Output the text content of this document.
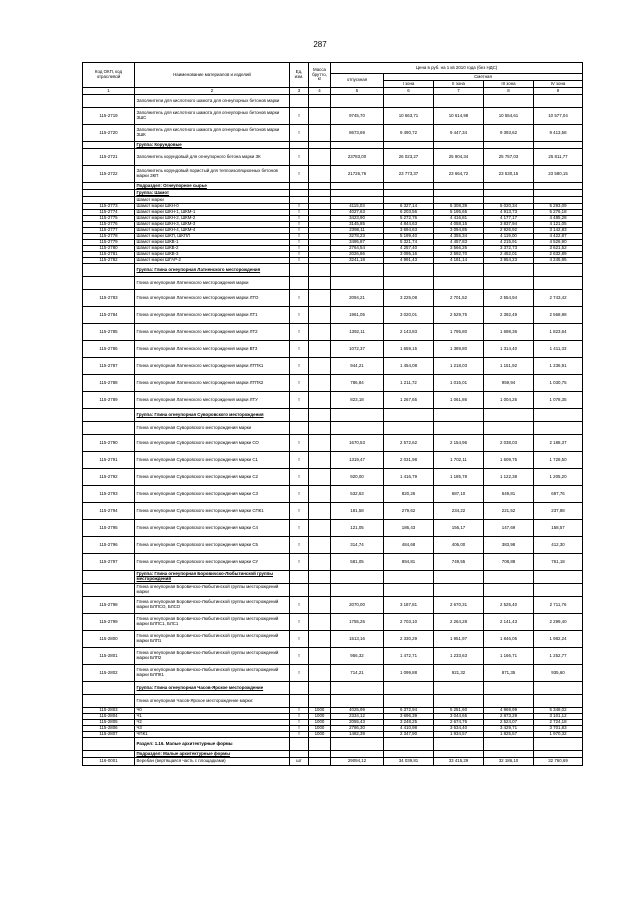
287
Код ОКП, код отраслевой	Наименование материалов и изделий	Ед. изм.	Масса брутто, кг	Цена в руб. на 1 кв 2010 года (без НДС)				
				отпускная	Сметная			
					I зона	II зона	III зона	IV зона
1	2	3	4	5	6	7	8	9
	Заполнители для кислотного шамота для огнеупорных бетонов марки							
115-2719	Заполнитель для кислотного шамота для огнеупорных бетонов марки ЗШС	т		9745,70	10 663,71	10 614,98	10 554,61	10 577,04
115-2720	Заполнитель для кислотного шамота для огнеупорных бетонов марки ЗШК	т		8673,69	9 490,72	9 447,34	9 393,62	9 413,58
	Группа: Корундовые							
115-2721	Заполнитель корундовый для огнеупорного бетона марки ЗК	т		23783,00	26 023,27	25 904,34	25 757,03	25 811,77
115-2722	Заполнитель корундовый пористый для теплоизоляционных бетонов марки ЗКП	т		21726,76	23 773,37	23 664,72	23 530,15	23 580,15
	Подраздел: Огнеупорное сырье							
	Группа: Шамот							
	Шамот марки							
115-2773	Шамот марки ШКН-0	т		4115,03	6 327,14	5 308,39	5 020,34	5 293,09
115-2774	Шамот марки ШКН-1, ШКМ-1	т		4027,63	6 203,56	5 195,65	4 913,73	5 276,18
115-2775	Шамот марки ШКН-2, ШКМ-2	т		3423,90	5 272,76	4 416,81	4 177,17	4 485,28
115-2776	Шамот марки ШКН-3, ШКМ-3	т		3145,85	4 844,63	4 058,15	3 837,94	4 121,05
115-2777	Шамот марки ШКН-4, ШКМ-4	т		2398,11	3 694,63	3 094,85	2 926,92	3 142,83
115-2778	Шамот марки ШКП, ШКПЛ	т		3278,23	5 199,40	4 355,34	4 119,00	4 422,87
115-2779	Шамот марки ШКВ-1	т		3495,87	5 321,74	4 457,83	4 215,91	4 526,90
115-2780	Шамот марки ШКВ-2	т		2764,54	4 257,40	3 566,26	3 372,73	3 621,52
115-2781	Шамот марки ШКВ-3	т		2026,86	3 095,16	2 592,70	2 452,01	2 632,89
115-2782	Шамот марки ШГАР-2	т		3241,18	4 991,43	4 181,14	3 954,23	4 245,95
	Группа: Глина огнеупорная Латненского месторождения							
	Глина огнеупорная Латненского месторождения марки							
115-2783	Глина огнеупорная Латненского месторождения марки ЛТО	т		2094,21	3 225,08	2 701,52	2 554,94	2 743,42
115-2784	Глина огнеупорная Латненского месторождения марки ЛТ1	т		1961,05	3 020,01	2 529,75	2 392,49	2 568,98
115-2785	Глина огнеупорная Латненского месторождения марки ЛТ2	т		1392,11	2 143,83	1 795,80	1 698,36	1 823,64
115-2786	Глина огнеупорная Латненского месторождения марки ВТ3	т		1072,37	1 659,15	1 389,80	1 314,40	1 411,33
115-2787	Глина огнеупорная Латненского месторождения марки ЛТПК1	т		944,21	1 454,08	1 218,03	1 151,92	1 236,91
115-2788	Глина огнеупорная Латненского месторождения марки ЛТПК2	т		786,84	1 211,72	1 015,01	959,94	1 030,75
115-2789	Глина огнеупорная Латненского месторождения марки ЛТУ	т		823,18	1 267,65	1 061,86	1 004,26	1 078,35
	Группа: Глина огнеупорная Суворовского месторождения							
	Глина огнеупорная Суворовского месторождения марки							
115-2790	Глина огнеупорная Суворовского месторождения марки СО	т		1670,53	2 572,62	2 154,96	2 038,03	2 188,37
115-2791	Глина огнеупорная Суворовского месторождения марки С1	т		1319,47	2 031,98	1 702,11	1 609,75	1 728,50
115-2792	Глина огнеупорная Суворовского месторождения марки С2	т		920,00	1 416,79	1 185,78	1 122,38	1 205,20
115-2793	Глина огнеупорная Суворовского месторождения марки С3	т		532,63	820,26	687,10	649,81	697,76
115-2794	Глина огнеупорная Суворовского месторождения марки СПК1	т		181,58	279,62	234,22	221,52	237,88
115-2795	Глина огнеупорная Суворовского месторождения марки С4	т		121,05	186,43	156,17	147,69	158,57
115-2796	Глина огнеупорная Суворовского месторождения марки С5	т		314,74	484,68	406,00	383,98	412,30
115-2797	Глина огнеупорная Суворовского месторождения марки СУ	т		581,05	894,81	749,55	708,88	761,18
	Группа: Глина огнеупорная Боровичско-Любытинской группы месторождений							
	Глина огнеупорная Боровичско-Любытинской группы месторождений марки							
115-2798	Глина огнеупорная Боровичско-Любытинской группы месторождений марки БЛПСО, БЛСО	т		2070,00	3 187,81	2 670,31	2 525,40	2 711,76
115-2799	Глина огнеупорная Боровичско-Любытинской группы месторождений марки БЛПС1, БЛС1	т		1755,26	2 703,10	2 264,28	2 141,43	2 299,40
115-2800	Глина огнеупорная Боровичско-Любытинской группы месторождений марки БЛП1	т		1513,16	2 330,29	1 951,97	1 846,05	1 982,24
115-2801	Глина огнеупорная Боровичско-Любытинской группы месторождений марки БЛП2	т		956,32	1 472,71	1 233,63	1 166,71	1 252,77
115-2802	Глина огнеупорная Боровичско-Любытинской группы месторождений марки БЛПК1	т		714,21	1 099,88	921,32	871,35	935,60
	Группа: Глина огнеупорная Часов-Ярское месторождение							
	Глина огнеупорная Часов-Ярское месторождение марки:							
115-2803	Ч0	т	1000	4025,99	6 372,94	5 251,60	4 969,99	5 348,02
115-2804	Ч1	т	1000	2334,12	3 696,39	3 044,65	2 873,29	3 101,12
115-2805	Ч2	т	1000	2055,43	3 248,25	2 674,76	2 524,07	2 724,18
115-2806	Ч3	т	1000	2786,30	4 410,98	3 634,40	3 429,71	3 701,83
115-2807	ЧПК1	т	1000	1482,39	2 347,90	1 934,57	1 825,57	1 970,32
	Раздел: 1.16. Малые архитектурные формы							
	Подраздел: Малые архитектурные формы							
116-0001	Веребан (вертящаяся часть с площадками)	шт		29094,12	34 039,81	33 415,29	32 186,10	32 760,69
